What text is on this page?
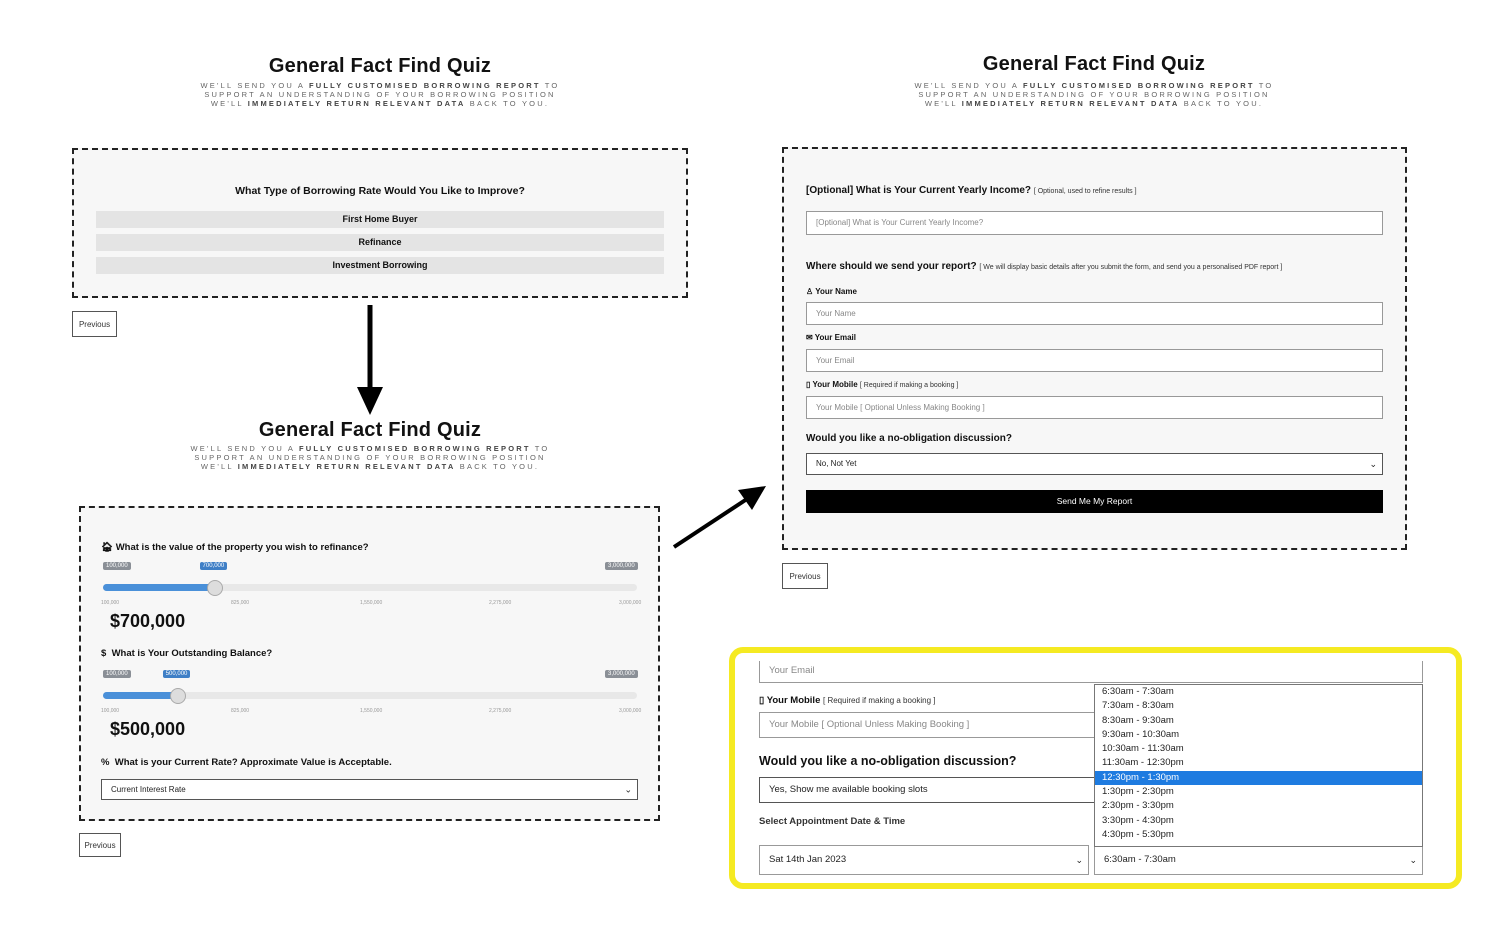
General Fact Find Quiz
WE'LL SEND YOU A FULLY CUSTOMISED BORROWING REPORT TO
SUPPORT AN UNDERSTANDING OF YOUR BORROWING POSITION
WE'LL IMMEDIATELY RETURN RELEVANT DATA BACK TO YOU.
What Type of Borrowing Rate Would You Like to Improve?
First Home Buyer
Refinance
Investment Borrowing
Previous
General Fact Find Quiz
WE'LL SEND YOU A FULLY CUSTOMISED BORROWING REPORT TO
SUPPORT AN UNDERSTANDING OF YOUR BORROWING POSITION
WE'LL IMMEDIATELY RETURN RELEVANT DATA BACK TO YOU.
🏠︎ What is the value of the property you wish to refinance?
100,000	700,000	3,000,000
100,000	825,000	1,550,000	2,275,000	3,000,000
$700,000
$ What is Your Outstanding Balance?
100,000	500,000	3,000,000
100,000	825,000	1,550,000	2,275,000	3,000,000
$500,000
% What is your Current Rate? Approximate Value is Acceptable.
Current Interest Rate	⌄
Previous
General Fact Find Quiz
WE'LL SEND YOU A FULLY CUSTOMISED BORROWING REPORT TO
SUPPORT AN UNDERSTANDING OF YOUR BORROWING POSITION
WE'LL IMMEDIATELY RETURN RELEVANT DATA BACK TO YOU.
[Optional] What is Your Current Yearly Income? [ Optional, used to refine results ]
[Optional] What is Your Current Yearly Income?
Where should we send your report? [ We will display basic details after you submit the form, and send you a personalised PDF report ]
♙︎ Your Name
Your Name
✉︎ Your Email
Your Email
▯ Your Mobile [ Required if making a booking ]
Your Mobile [ Optional Unless Making Booking ]
Would you like a no-obligation discussion?
No, Not Yet	⌄
Send Me My Report
Previous
Your Email
▯ Your Mobile [ Required if making a booking ]
Your Mobile [ Optional Unless Making Booking ]
Would you like a no-obligation discussion?
Yes, Show me available booking slots
Select Appointment Date & Time
Sat 14th Jan 2023	⌄	6:30am - 7:30am	⌄
6:30am - 7:30am
7:30am - 8:30am
8:30am - 9:30am
9:30am - 10:30am
10:30am - 11:30am
11:30am - 12:30pm
12:30pm - 1:30pm
1:30pm - 2:30pm
2:30pm - 3:30pm
3:30pm - 4:30pm
4:30pm - 5:30pm
